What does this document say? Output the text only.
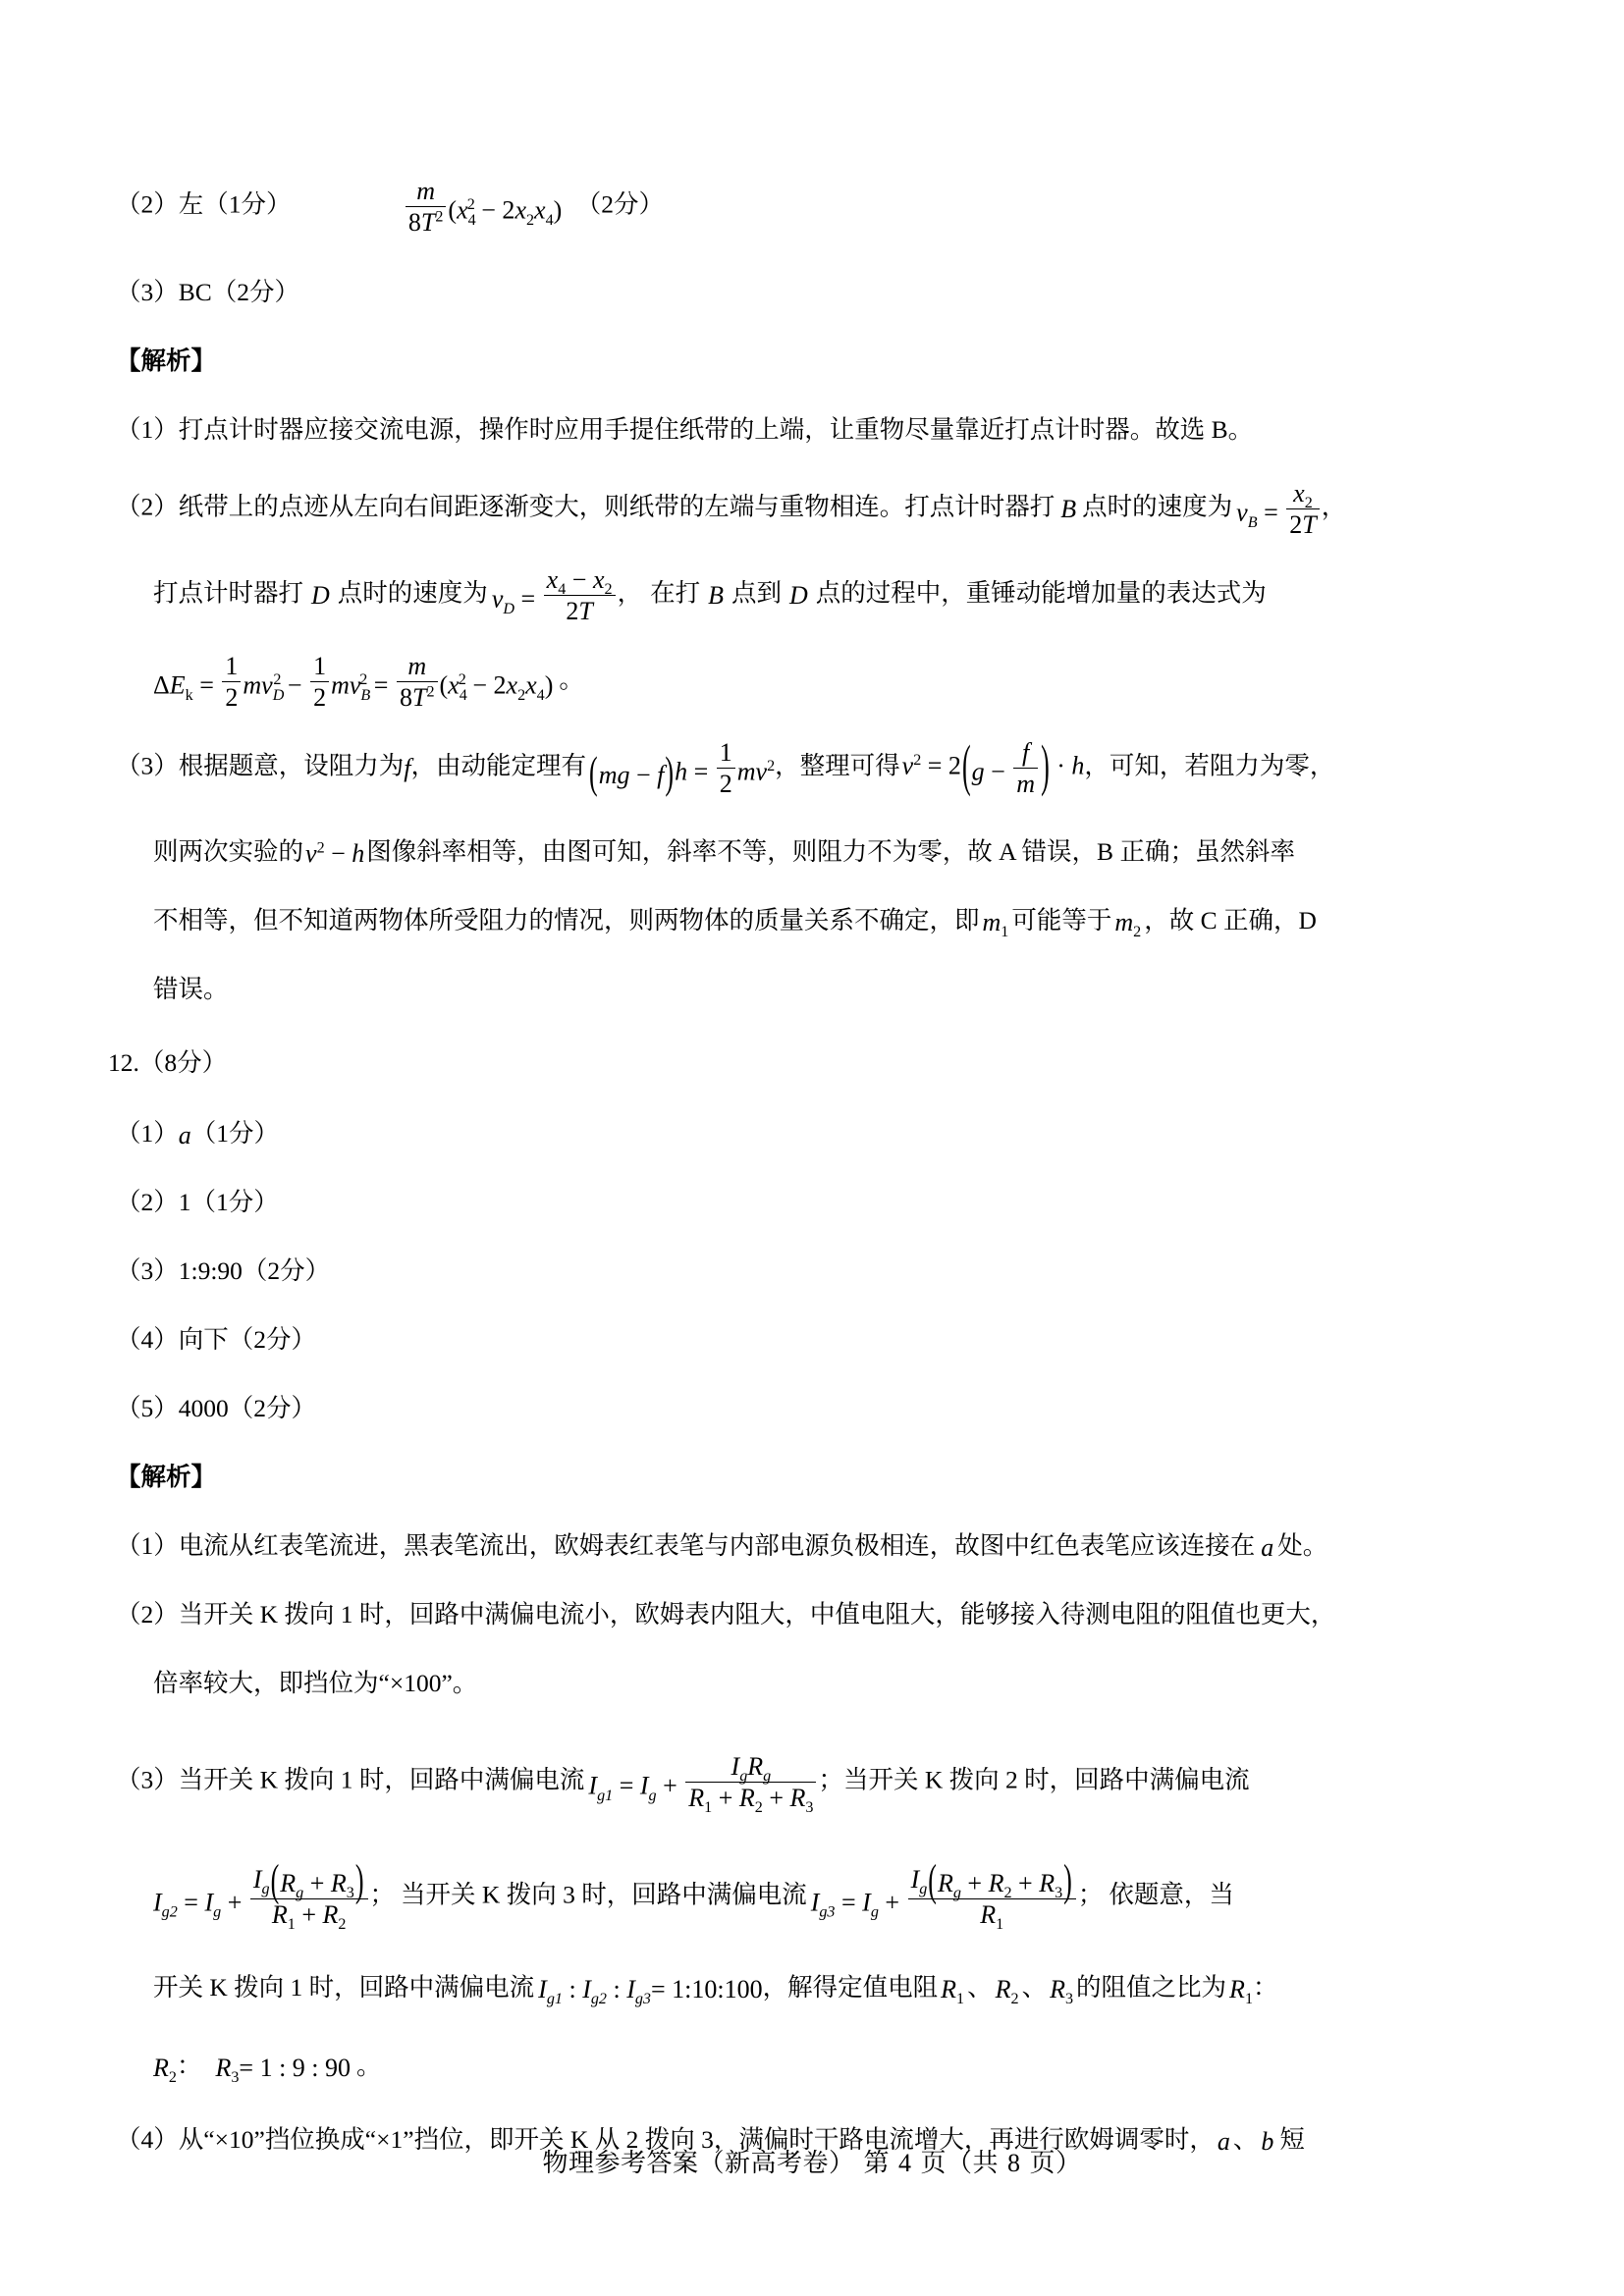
（2）左（1分）	$\frac{m}{8T^2} (x_4^2 - 2x_2x_4)$ （2分）
（3）BC（2分）
【解析】
（1）打点计时器应接交流电源，操作时应用手提住纸带的上端，让重物尽量靠近打点计时器。故选 B。
（2）纸带上的点迹从左向右间距逐渐变大，则纸带的左端与重物相连。打点计时器打 B 点时的速度为 $v_B = \frac{x_2}{2T}$ ，
打点计时器打 D 点时的速度为 $v_D = \frac{x_4 - x_2}{2T}$ ， 在打 B 点到 D 点的过程中，重锤动能增加量的表达式为
$\Delta E_k = \frac{1}{2} mv_D^2 - \frac{1}{2} mv_B^2 = \frac{m}{8T^2} (x_4^2 - 2x_2x_4)$ 。
（3）根据题意，设阻力为f，由动能定理有 $(mg - f)h = \frac{1}{2} mv^2$，整理可得$v^2 = 2(g - \frac{f}{m}$ ) · h，可知，若阻力为零，
则两次实验的$v^2 - h$图像斜率相等，由图可知，斜率不等，则阻力不为零，故 A 错误，B 正确；虽然斜率
不相等，但不知道两物体所受阻力的情况，则两物体的质量关系不确定，即 $m_1$ 可能等于 $m_2$ ，故 C 正确，D
错误。
12.（8分）
（1）a（1分）
（2）1（1分）
（3）1:9:90（2分）
（4）向下（2分）
（5）4000（2分）
【解析】
（1）电流从红表笔流进，黑表笔流出，欧姆表红表笔与内部电源负极相连，故图中红色表笔应该连接在 a 处。
（2）当开关 K 拨向 1 时，回路中满偏电流小，欧姆表内阻大，中值电阻大，能够接入待测电阻的阻值也更大，
倍率较大，即挡位为“×100”。
（3）当开关 K 拨向 1 时，回路中满偏电流 $I_{g1} = I_g + \frac{I_gR_g}{R_1 + R_2 + R_3}$ ；当开关 K 拨向 2 时，回路中满偏电流
$I_{g2} = I_g + \frac{I_g(R_g + R_3)}{R_1 + R_2}$ ； 当开关 K 拨向 3 时，回路中满偏电流 $I_{g3} = I_g + \frac{I_g(R_g + R_2 + R_3)}{R_1}$ ； 依题意，当
开关 K 拨向 1 时，回路中满偏电流 $I_{g1}$ : $I_{g2}$ : $I_{g3}=$ 1:10:100，解得定值电阻 $R_1$ 、 $R_2$ 、 $R_3$ 的阻值之比为 $R_1$：
$R_2$： $R_3= 1$ : 9 : 90 。
（4）从“×10”挡位换成“×1”挡位，即开关 K 从 2 拨向 3，满偏时干路电流增大，再进行欧姆调零时， a 、 b 短
物理参考答案（新高考卷） 第 4 页（共 8 页）
